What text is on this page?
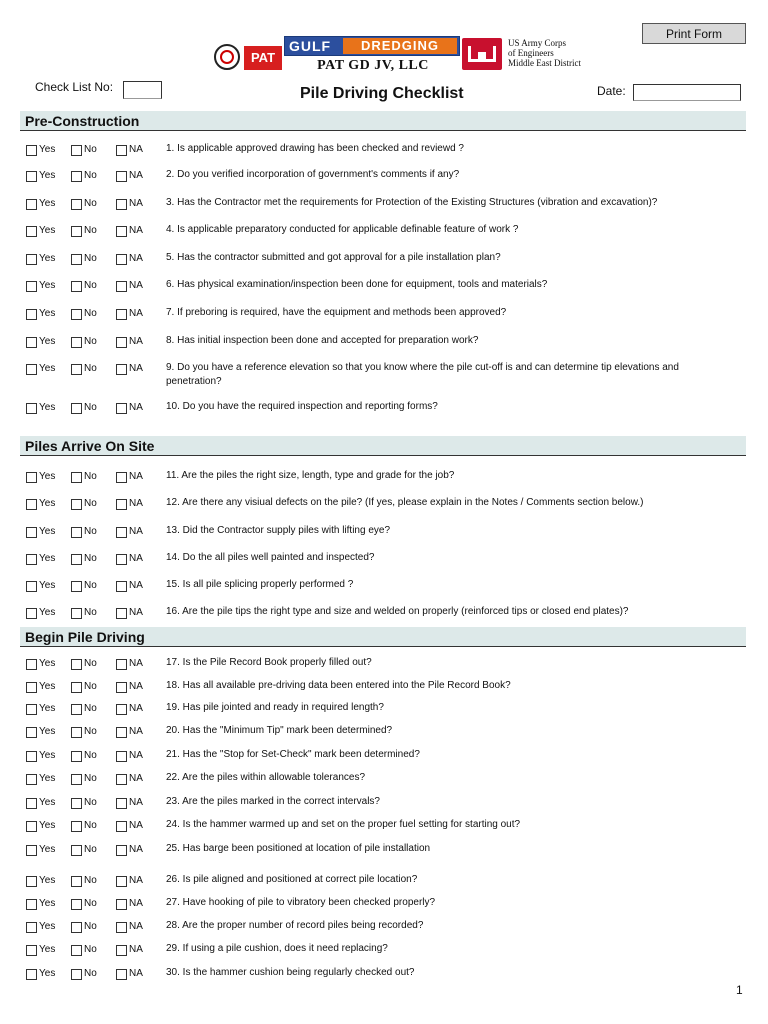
Print Form
PAT
GULF	DREDGING
PAT GD JV, LLC
US Army Corps
of Engineers
Middle East District
Check List No:	Pile Driving Checklist	Date:
Pre-Construction
Yes	No	NA 1. Is applicable approved drawing has been checked and reviewd ?
Yes	No	NA 2. Do you verified incorporation of government's comments if any?
Yes	No	NA 3. Has the Contractor met the requirements for Protection of the Existing Structures (vibration and excavation)?
Yes	No	NA 4. Is applicable preparatory conducted for applicable definable feature of work ?
Yes	No	NA 5. Has the contractor submitted and got approval for a pile installation plan?
Yes	No	NA 6. Has physical examination/inspection been done for equipment, tools and materials?
Yes	No	NA 7. If preboring is required, have the equipment and methods been approved?
Yes	No	NA 8. Has initial inspection been done and accepted for preparation work?
Yes	No	NA 9. Do you have a reference elevation so that you know where the pile cut-off is and can determine tip elevations and penetration?
Yes	No	NA 10. Do you have the required inspection and reporting forms?
Piles Arrive On Site
Yes	No	NA 11. Are the piles the right size, length, type and grade for the job?
Yes	No	NA 12. Are there any visiual defects on the pile? (If yes, please explain in the Notes / Comments section below.)
Yes	No	NA 13. Did the Contractor supply piles with lifting eye?
Yes	No	NA 14. Do the all piles well painted and inspected?
Yes	No	NA 15. Is all pile splicing properly performed ?
Yes	No	NA 16. Are the pile tips the right type and size and welded on properly (reinforced tips or closed end plates)?
Begin Pile Driving
Yes	No	NA 17. Is the Pile Record Book properly filled out?
Yes	No	NA 18. Has all available pre-driving data been entered into the Pile Record Book?
Yes	No	NA 19. Has pile jointed and ready in required length?
Yes	No	NA 20. Has the "Minimum Tip" mark been determined?
Yes	No	NA 21. Has the "Stop for Set-Check" mark been determined?
Yes	No	NA 22. Are the piles within allowable tolerances?
Yes	No	NA 23. Are the piles marked in the correct intervals?
Yes	No	NA 24. Is the hammer warmed up and set on the proper fuel setting for starting out?
Yes	No	NA 25. Has barge been positioned at location of pile installation
Yes	No	NA 26. Is pile aligned and positioned at correct pile location?
Yes	No	NA 27. Have hooking of pile to vibratory been checked properly?
Yes	No	NA 28. Are the proper number of record piles being recorded?
Yes	No	NA 29. If using a pile cushion, does it need replacing?
Yes	No	NA 30. Is the hammer cushion being regularly checked out?
1
